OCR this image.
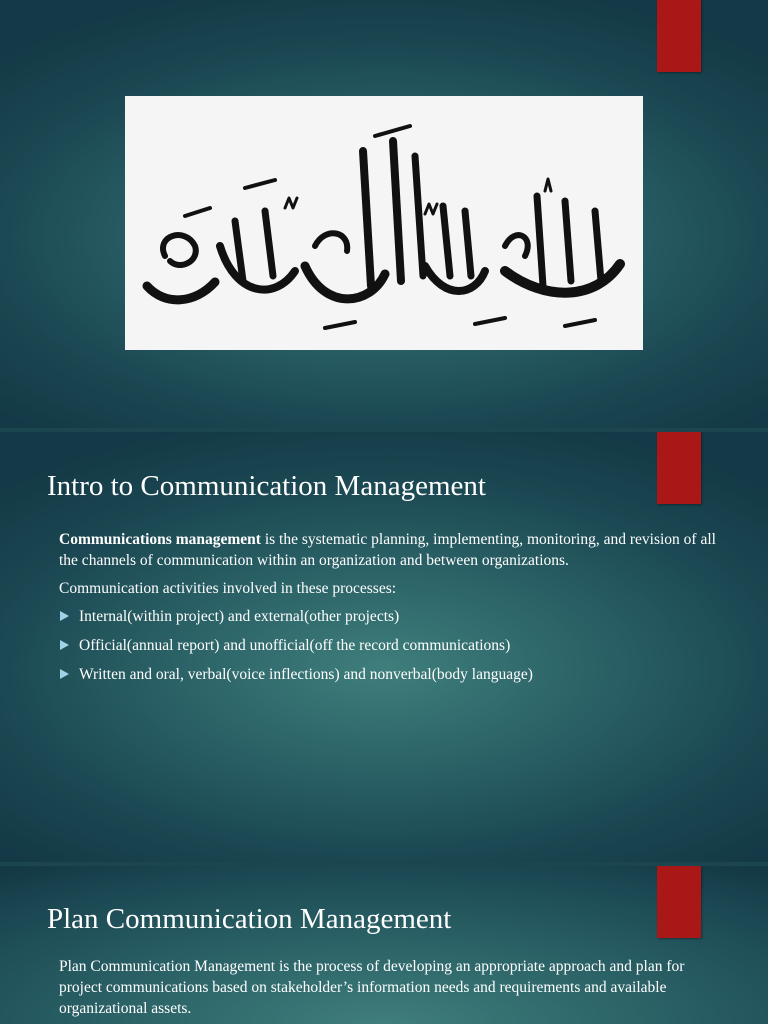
Intro to Communication Management

Communications management is the systematic planning, implementing, monitoring, and revision of all the channels of communication within an organization and between organizations.

Communication activities involved in these processes:

Internal(within project) and external(other projects)
Official(annual report) and unofficial(off the record communications)
Written and oral, verbal(voice inflections) and nonverbal(body language)
Plan Communication Management

Plan Communication Management is the process of developing an appropriate approach and plan for project communications based on stakeholder’s information needs and requirements and available organizational assets.
